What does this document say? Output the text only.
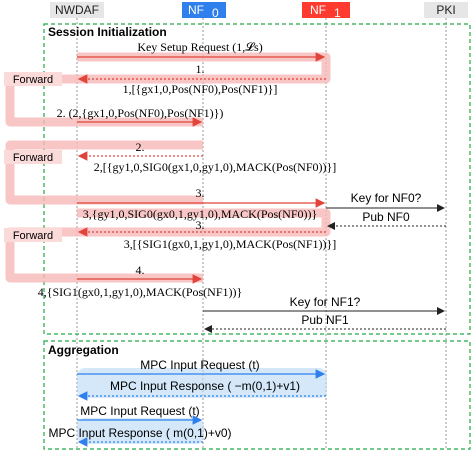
NWDAF	NF 0	NF 1	PKI
Session Initialization
Aggregation
Key Setup Request (1,𝓛s)
Forward
1.
1,[{gx1,0,Pos(NF0),Pos(NF1)}]
2. (2,{gx1,0,Pos(NF0),Pos(NF1)})
Forward
2.
2,[{gy1,0,SIG0(gx1,0,gy1,0),MACK(Pos(NF0))}]
3.
3,{gy1,0,SIG0(gx0,1,gy1,0),MACK(Pos(NF0))}
Key for NF0?
Pub NF0
Forward
3.
3,[{SIG1(gx0,1,gy1,0),MACK(Pos(NF1))}]
4.
4,{SIG1(gx0,1,gy1,0),MACK(Pos(NF1))}
Key for NF1?
Pub NF1
MPC Input Request (t)
MPC Input Response ( −m(0,1)+v1)
MPC Input Request (t)
MPC Input Response ( m(0,1)+v0)
